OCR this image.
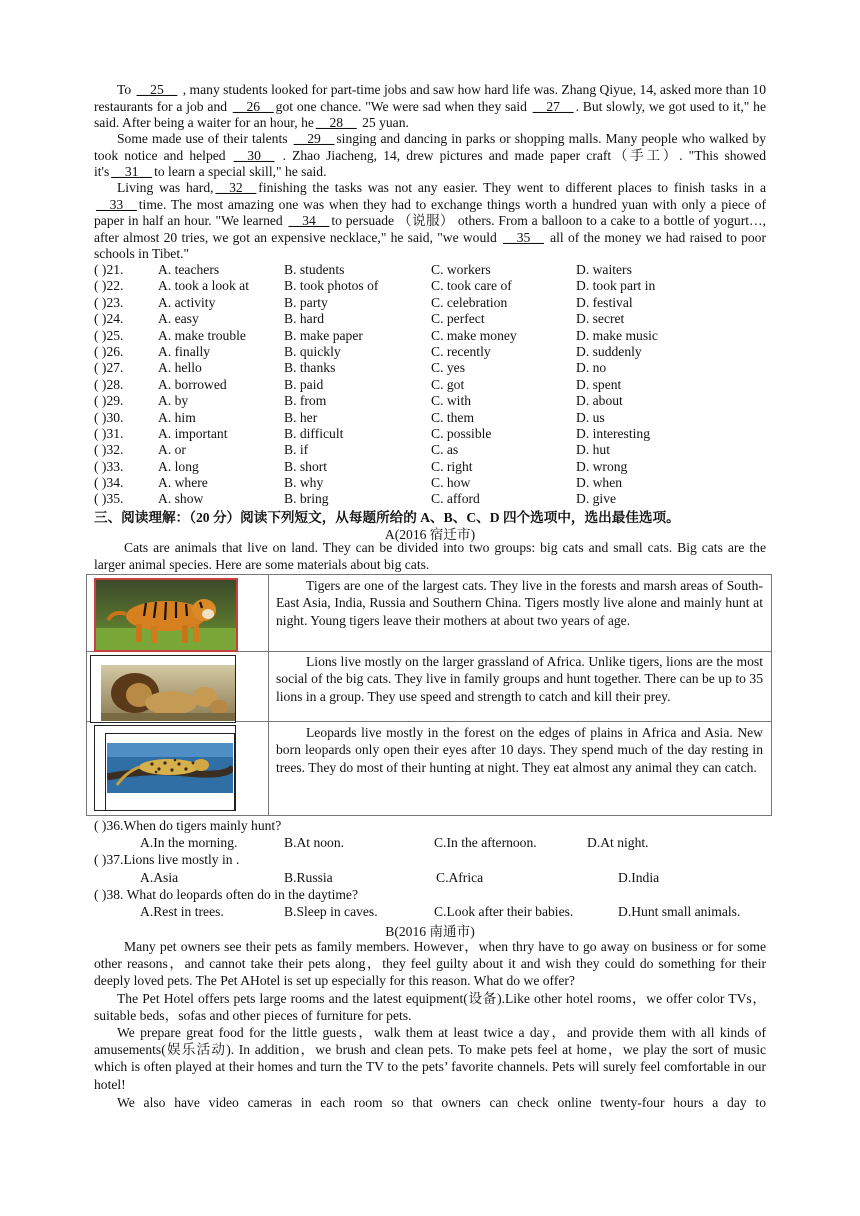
To __25__ , many students looked for part-time jobs and saw how hard life was. Zhang Qiyue, 14, asked more than 10 restaurants for a job and __26__ got one chance. "We were sad when they said __27__ . But slowly, we got used to it," he said. After being a waiter for an hour, he __28__ 25 yuan.

Some made use of their talents __29__ singing and dancing in parks or shopping malls. Many people who walked by took notice and helped __30__ . Zhao Jiacheng, 14, drew pictures and made paper craft（手工）. "This showed it's __31__ to learn a special skill," he said.

Living was hard, __32__ finishing the tasks was not any easier. They went to different places to finish tasks in a __33__ time. The most amazing one was when they had to exchange things worth a hundred yuan with only a piece of paper in half an hour. "We learned __34__ to persuade （说服） others. From a balloon to a cake to a bottle of yogurt…, after almost 20 tries, we got an expensive necklace," he said, "we would __35__ all of the money we had raised to poor schools in Tibet."

( )21.	A. teachers	B. students	C. workers	D. waiters
( )22.	A. took a look at	B. took photos of	C. took care of	D. took part in
( )23.	A. activity	B. party	C. celebration	D. festival
( )24.	A. easy	B. hard	C. perfect	D. secret
( )25.	A. make trouble	B. make paper	C. make money	D. make music
( )26.	A. finally	B. quickly	C. recently	D. suddenly
( )27.	A. hello	B. thanks	C. yes	D. no
( )28.	A. borrowed	B. paid	C. got	D. spent
( )29.	A. by	B. from	C. with	D. about
( )30.	A. him	B. her	C. them	D. us
( )31.	A. important	B. difficult	C. possible	D. interesting
( )32.	A. or	B. if	C. as	D. hut
( )33.	A. long	B. short	C. right	D. wrong
( )34.	A. where	B. why	C. how	D. when
( )35.	A. show	B. bring	C. afford	D. give
三、阅读理解：（20 分）阅读下列短文，从每题所给的 A、B、C、D 四个选项中，选出最佳选项。
A(2016 宿迁市)

Cats are animals that live on land. They can be divided into two groups: big cats and small cats. Big cats are the larger animal species. Here are some materials about big cats.

Tigers are one of the largest cats. They live in the forests and marsh areas of South-East Asia, India, Russia and Southern China. Tigers mostly live alone and mainly hunt at night. Young tigers leave their mothers at about two years of age.
Lions live mostly on the larger grassland of Africa. Unlike tigers, lions are the most social of the big cats. They live in family groups and hunt together. There can be up to 35 lions in a group. They use speed and strength to catch and kill their prey.
Leopards live mostly in the forest on the edges of plains in Africa and Asia. New born leopards only open their eyes after 10 days. They spend much of the day resting in trees. They do most of their hunting at night. They eat almost any animal they can catch.
( )36.When do tigers mainly hunt?
A.In the morning.	B.At noon.	C.In the afternoon.	D.At night.
( )37.Lions live mostly in .
A.Asia	B.Russia	C.Africa	D.India
( )38. What do leopards often do in the daytime?
A.Rest in trees.	B.Sleep in caves.	C.Look after their babies.	D.Hunt small animals.
B(2016 南通市)

Many pet owners see their pets as family members. However，when thry have to go away on business or for some other reasons，and cannot take their pets along，they feel guilty about it and wish they could do something for their deeply loved pets. The Pet AHotel is set up especially for this reason. What do we offer?

The Pet Hotel offers pets large rooms and the latest equipment(设备).Like other hotel rooms，we offer color TVs，suitable beds，sofas and other pieces of furniture for pets.

We prepare great food for the little guests，walk them at least twice a day，and provide them with all kinds of amusements(娱乐活动). In addition，we brush and clean pets. To make pets feel at home，we play the sort of music which is often played at their homes and turn the TV to the pets’ favorite channels. Pets will surely feel comfortable in our hotel!

We also have video cameras in each room so that owners can check online twenty-four hours a day to
